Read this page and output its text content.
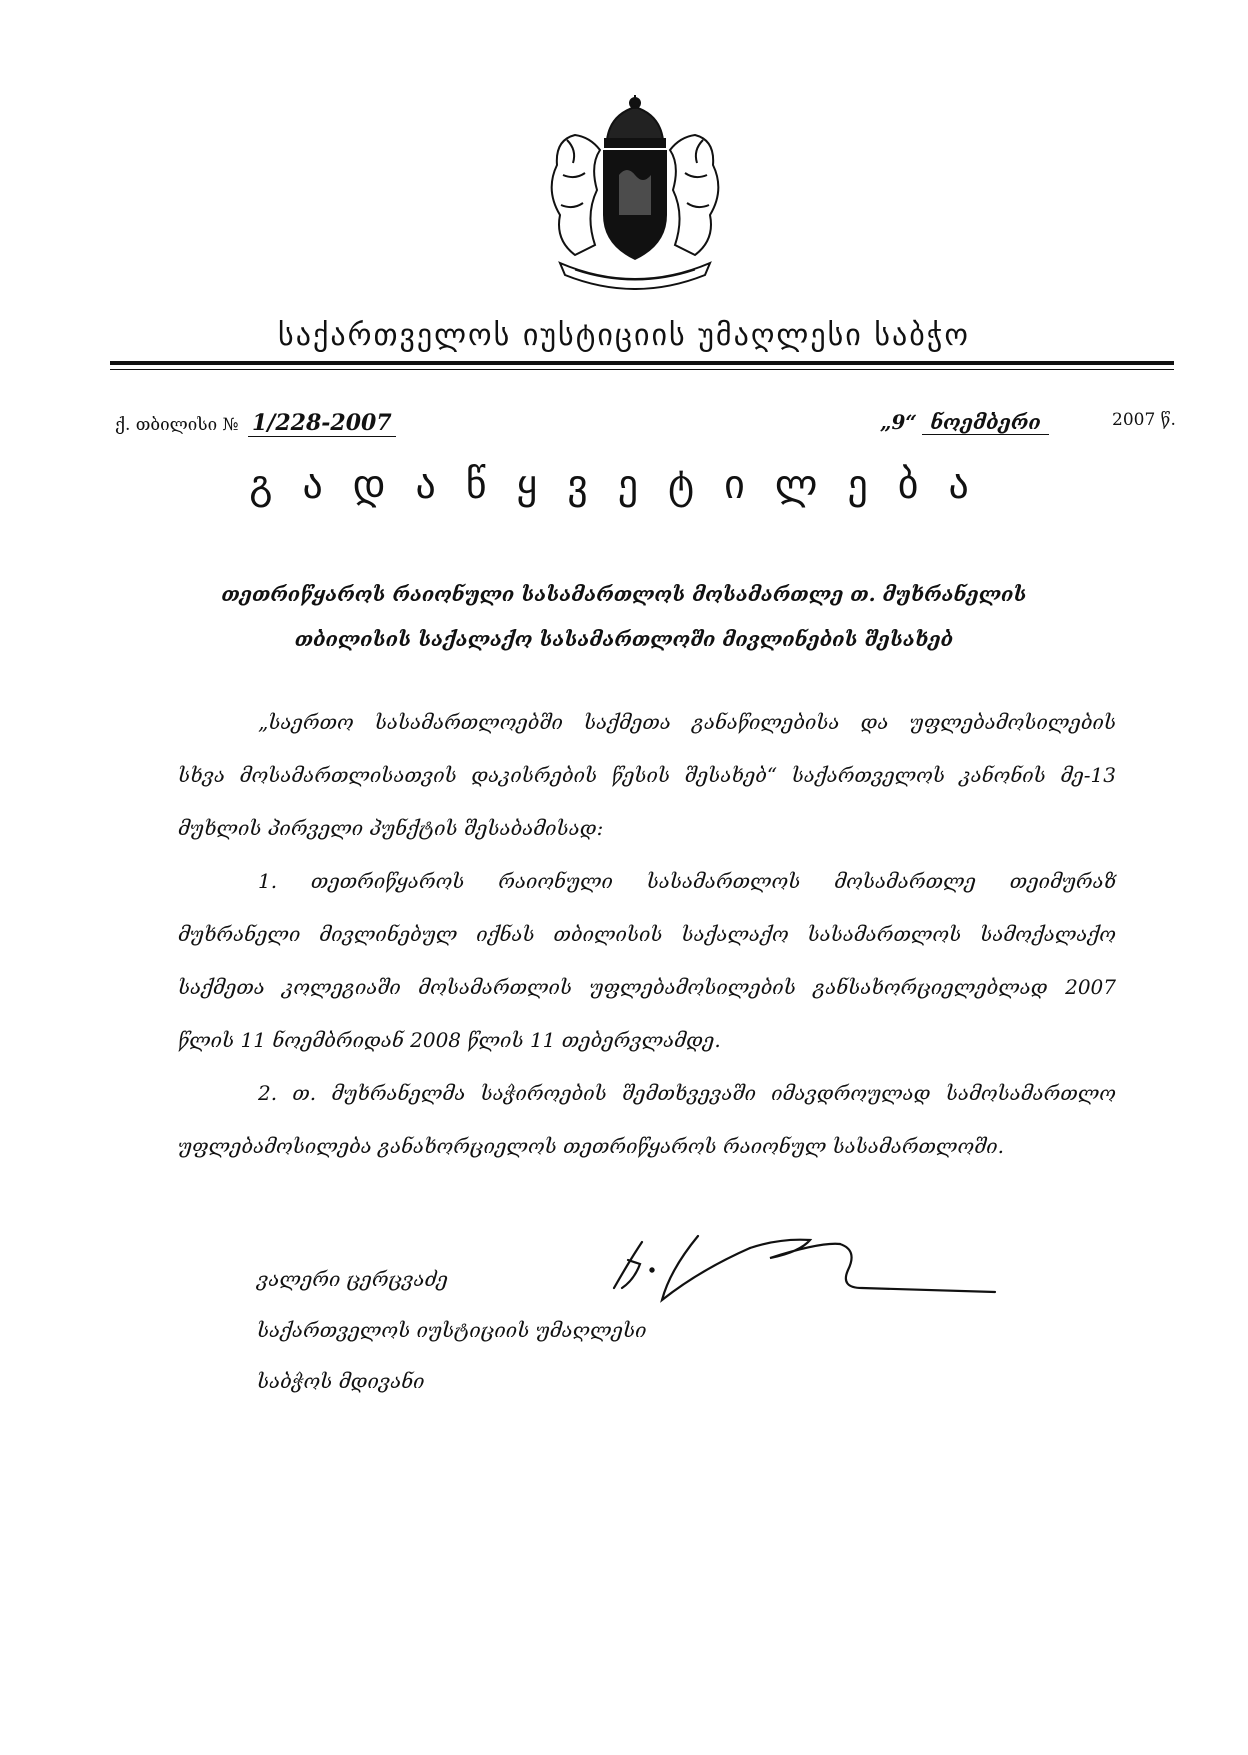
საქართველოს იუსტიციის უმაღლესი საბჭო
ქ. თბილისი № 1/228-2007	„9“ ნოემბერი	2007 წ.
გადაწყვეტილება
თეთრიწყაროს რაიონული სასამართლოს მოსამართლე თ. მუხრანელის
თბილისის საქალაქო სასამართლოში მივლინების შესახებ
„საერთო სასამართლოებში საქმეთა განაწილებისა და უფლებამოსილების
სხვა მოსამართლისათვის დაკისრების წესის შესახებ“ საქართველოს კანონის მე-13
მუხლის პირველი პუნქტის შესაბამისად:
1. თეთრიწყაროს რაიონული სასამართლოს მოსამართლე თეიმურაზ
მუხრანელი მივლინებულ იქნას თბილისის საქალაქო სასამართლოს სამოქალაქო
საქმეთა კოლეგიაში მოსამართლის უფლებამოსილების განსახორციელებლად 2007
წლის 11 ნოემბრიდან 2008 წლის 11 თებერვლამდე.
2. თ. მუხრანელმა საჭიროების შემთხვევაში იმავდროულად სამოსამართლო
უფლებამოსილება განახორციელოს თეთრიწყაროს რაიონულ სასამართლოში.
ვალერი ცერცვაძე
საქართველოს იუსტიციის უმაღლესი
საბჭოს მდივანი
